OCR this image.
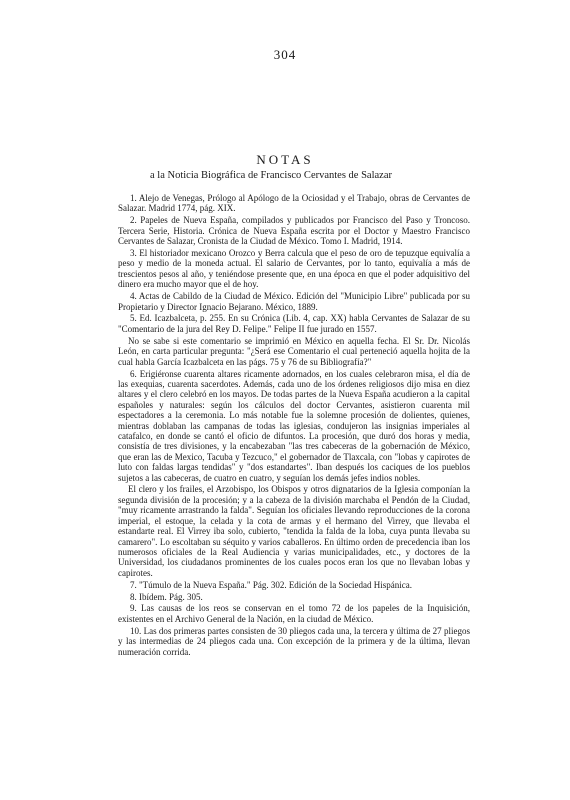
304
NOTAS
a la Noticia Biográfica de Francisco Cervantes de Salazar

1. Alejo de Venegas, Prólogo al Apólogo de la Ociosidad y el Trabajo, obras de Cervantes de Salazar. Madrid 1774, pág. XIX.

2. Papeles de Nueva España, compilados y publicados por Francisco del Paso y Troncoso. Tercera Serie, Historia. Crónica de Nueva España escrita por el Doctor y Maestro Francisco Cervantes de Salazar, Cronista de la Ciudad de México. Tomo I. Madrid, 1914.

3. El historiador mexicano Orozco y Berra calcula que el peso de oro de tepuzque equivalía a peso y medio de la moneda actual. El salario de Cervantes, por lo tanto, equivalía a más de trescientos pesos al año, y teniéndose presente que, en una época en que el poder adquisitivo del dinero era mucho mayor que el de hoy.

4. Actas de Cabildo de la Ciudad de México. Edición del "Municipio Libre" publicada por su Propietario y Director Ignacio Bejarano. México, 1889.

5. Ed. Icazbalceta, p. 255. En su Crónica (Lib. 4, cap. XX) habla Cervantes de Salazar de su "Comentario de la jura del Rey D. Felipe." Felipe II fue jurado en 1557.

No se sabe si este comentario se imprimió en México en aquella fecha. El Sr. Dr. Nicolás León, en carta particular pregunta: "¿Será ese Comentario el cual perteneció aquella hojita de la cual habla García Icazbalceta en las págs. 75 y 76 de su Bibliografía?"

6. Erigiéronse cuarenta altares ricamente adornados, en los cuales celebraron misa, el día de las exequias, cuarenta sacerdotes. Además, cada uno de los órdenes religiosos dijo misa en diez altares y el clero celebró en los mayos. De todas partes de la Nueva España acudieron a la capital españoles y naturales: según los cálculos del doctor Cervantes, asistieron cuarenta mil espectadores a la ceremonia. Lo más notable fue la solemne procesión de dolientes, quienes, mientras doblaban las campanas de todas las iglesias, condujeron las insignias imperiales al catafalco, en donde se cantó el oficio de difuntos. La procesión, que duró dos horas y media, consistía de tres divisiones, y la encabezaban "las tres cabeceras de la gobernación de México, que eran las de Mexico, Tacuba y Tezcuco," el gobernador de Tlaxcala, con "lobas y capirotes de luto con faldas largas tendidas" y "dos estandartes". Iban después los caciques de los pueblos sujetos a las cabeceras, de cuatro en cuatro, y seguían los demás jefes indios nobles.

El clero y los frailes, el Arzobispo, los Obispos y otros dignatarios de la Iglesia componían la segunda división de la procesión; y a la cabeza de la división marchaba el Pendón de la Ciudad, "muy ricamente arrastrando la falda". Seguían los oficiales llevando reproducciones de la corona imperial, el estoque, la celada y la cota de armas y el hermano del Virrey, que llevaba el estandarte real. El Virrey iba solo, cubierto, "tendida la falda de la loba, cuya punta llevaba su camarero". Lo escoltaban su séquito y varios caballeros. En último orden de precedencia iban los numerosos oficiales de la Real Audiencia y varias municipalidades, etc., y doctores de la Universidad, los ciudadanos prominentes de los cuales pocos eran los que no llevaban lobas y capirotes.

7. "Túmulo de la Nueva España." Pág. 302. Edición de la Sociedad Hispánica.

8. Ibídem. Pág. 305.

9. Las causas de los reos se conservan en el tomo 72 de los papeles de la Inquisición, existentes en el Archivo General de la Nación, en la ciudad de México.

10. Las dos primeras partes consisten de 30 pliegos cada una, la tercera y última de 27 pliegos y las intermedias de 24 pliegos cada una. Con excepción de la primera y de la última, llevan numeración corrida.
